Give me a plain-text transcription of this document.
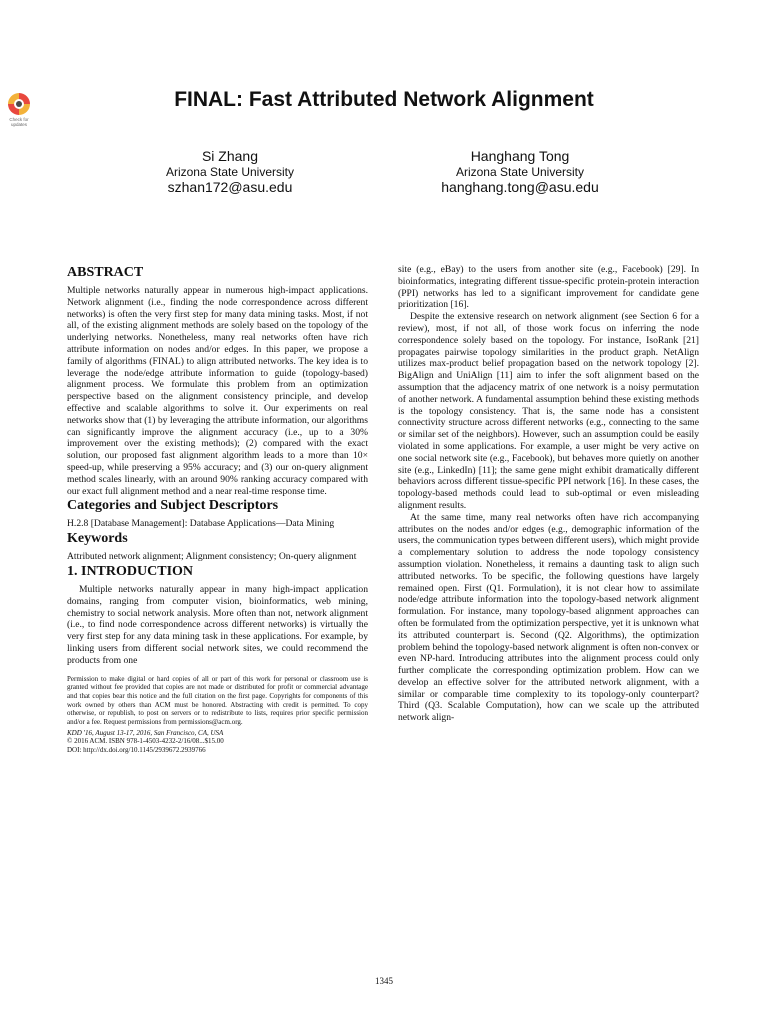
Check for updates
FINAL: Fast Attributed Network Alignment
Si Zhang
Arizona State University
szhan172@asu.edu
Hanghang Tong
Arizona State University
hanghang.tong@asu.edu
ABSTRACT

Multiple networks naturally appear in numerous high-impact applications. Network alignment (i.e., finding the node correspondence across different networks) is often the very first step for many data mining tasks. Most, if not all, of the existing alignment methods are solely based on the topology of the underlying networks. Nonetheless, many real networks often have rich attribute information on nodes and/or edges. In this paper, we propose a family of algorithms (FINAL) to align attributed networks. The key idea is to leverage the node/edge attribute information to guide (topology-based) alignment process. We formulate this problem from an optimization perspective based on the alignment consistency principle, and develop effective and scalable algorithms to solve it. Our experiments on real networks show that (1) by leveraging the attribute information, our algorithms can significantly improve the alignment accuracy (i.e., up to a 30% improvement over the existing methods); (2) compared with the exact solution, our proposed fast alignment algorithm leads to a more than 10× speed-up, while preserving a 95% accuracy; and (3) our on-query alignment method scales linearly, with an around 90% ranking accuracy compared with our exact full alignment method and a near real-time response time.

Categories and Subject Descriptors

H.2.8 [Database Management]: Database Applications—Data Mining

Keywords

Attributed network alignment; Alignment consistency; On-query alignment

1. INTRODUCTION

Multiple networks naturally appear in many high-impact application domains, ranging from computer vision, bioinformatics, web mining, chemistry to social network analysis. More often than not, network alignment (i.e., to find node correspondence across different networks) is virtually the very first step for any data mining task in these applications. For example, by linking users from different social network sites, we could recommend the products from one

Permission to make digital or hard copies of all or part of this work for personal or classroom use is granted without fee provided that copies are not made or distributed for profit or commercial advantage and that copies bear this notice and the full citation on the first page. Copyrights for components of this work owned by others than ACM must be honored. Abstracting with credit is permitted. To copy otherwise, or republish, to post on servers or to redistribute to lists, requires prior specific permission and/or a fee. Request permissions from permissions@acm.org.
KDD '16, August 13-17, 2016, San Francisco, CA, USA
© 2016 ACM. ISBN 978-1-4503-4232-2/16/08...$15.00
DOI: http://dx.doi.org/10.1145/2939672.2939766

site (e.g., eBay) to the users from another site (e.g., Facebook) [29]. In bioinformatics, integrating different tissue-specific protein-protein interaction (PPI) networks has led to a significant improvement for candidate gene prioritization [16].

Despite the extensive research on network alignment (see Section 6 for a review), most, if not all, of those work focus on inferring the node correspondence solely based on the topology. For instance, IsoRank [21] propagates pairwise topology similarities in the product graph. NetAlign utilizes max-product belief propagation based on the network topology [2]. BigAlign and UniAlign [11] aim to infer the soft alignment based on the assumption that the adjacency matrix of one network is a noisy permutation of another network. A fundamental assumption behind these existing methods is the topology consistency. That is, the same node has a consistent connectivity structure across different networks (e.g., connecting to the same or similar set of the neighbors). However, such an assumption could be easily violated in some applications. For example, a user might be very active on one social network site (e.g., Facebook), but behaves more quietly on another site (e.g., LinkedIn) [11]; the same gene might exhibit dramatically different behaviors across different tissue-specific PPI network [16]. In these cases, the topology-based methods could lead to sub-optimal or even misleading alignment results.

At the same time, many real networks often have rich accompanying attributes on the nodes and/or edges (e.g., demographic information of the users, the communication types between different users), which might provide a complementary solution to address the node topology consistency assumption violation. Nonetheless, it remains a daunting task to align such attributed networks. To be specific, the following questions have largely remained open. First (Q1. Formulation), it is not clear how to assimilate node/edge attribute information into the topology-based network alignment formulation. For instance, many topology-based alignment approaches can often be formulated from the optimization perspective, yet it is unknown what its attributed counterpart is. Second (Q2. Algorithms), the optimization problem behind the topology-based network alignment is often non-convex or even NP-hard. Introducing attributes into the alignment process could only further complicate the corresponding optimization problem. How can we develop an effective solver for the attributed network alignment, with a similar or comparable time complexity to its topology-only counterpart? Third (Q3. Scalable Computation), how can we scale up the attributed network align-

1345
